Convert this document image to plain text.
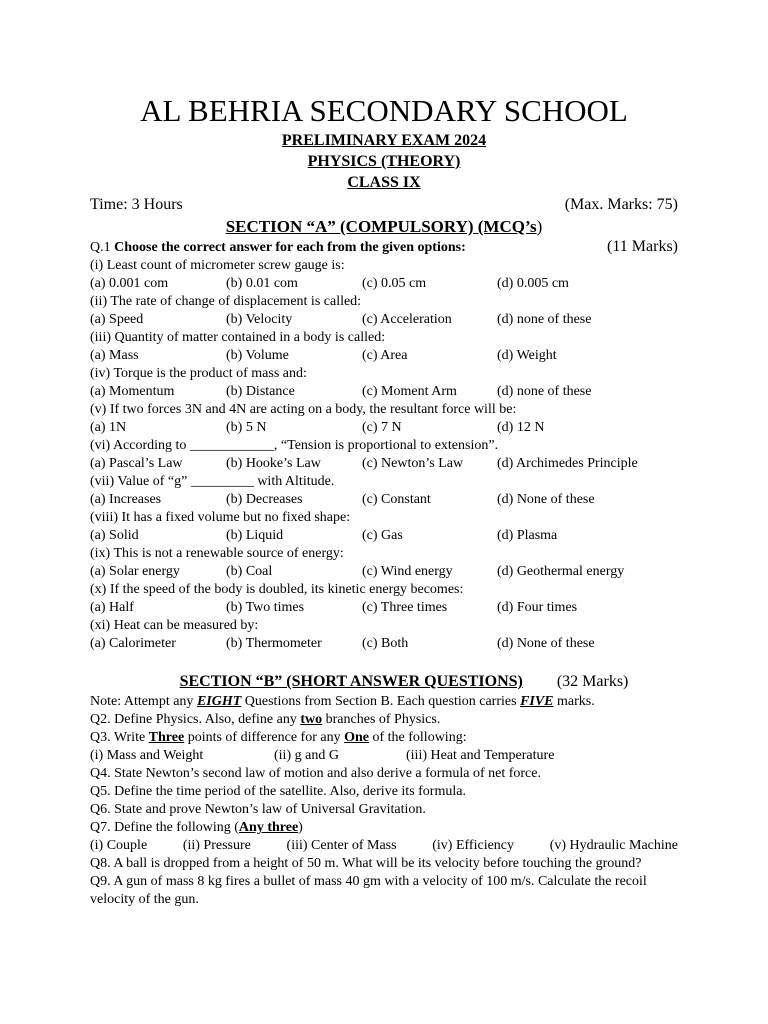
AL BEHRIA SECONDARY SCHOOL

PRELIMINARY EXAM 2024

PHYSICS (THEORY)

CLASS IX

Time: 3 Hours	(Max. Marks: 75)
SECTION “A” (COMPULSORY) (MCQ’s)
Q.1 Choose the correct answer for each from the given options:	(11 Marks)
(i) Least count of micrometer screw gauge is:
(a) 0.001 com	(b) 0.01 com	(c) 0.05 cm	(d) 0.005 cm
(ii) The rate of change of displacement is called:
(a) Speed	(b) Velocity	(c) Acceleration	(d) none of these
(iii) Quantity of matter contained in a body is called:
(a) Mass	(b) Volume	(c) Area	(d) Weight
(iv) Torque is the product of mass and:
(a) Momentum	(b) Distance	(c) Moment Arm	(d) none of these
(v) If two forces 3N and 4N are acting on a body, the resultant force will be:
(a) 1N	(b) 5 N	(c) 7 N	(d) 12 N
(vi) According to ____________, “Tension is proportional to extension”.
(a) Pascal’s Law	(b) Hooke’s Law	(c) Newton’s Law	(d) Archimedes Principle
(vii) Value of “g” _________ with Altitude.
(a) Increases	(b) Decreases	(c) Constant	(d) None of these
(viii) It has a fixed volume but no fixed shape:
(a) Solid	(b) Liquid	(c) Gas	(d) Plasma
(ix) This is not a renewable source of energy:
(a) Solar energy	(b) Coal	(c) Wind energy	(d) Geothermal energy
(x) If the speed of the body is doubled, its kinetic energy becomes:
(a) Half	(b) Two times	(c) Three times	(d) Four times
(xi) Heat can be measured by:
(a) Calorimeter	(b) Thermometer	(c) Both	(d) None of these
SECTION “B” (SHORT ANSWER QUESTIONS) (32 Marks)
Note: Attempt any EIGHT Questions from Section B. Each question carries FIVE marks.
Q2. Define Physics. Also, define any two branches of Physics.
Q3. Write Three points of difference for any One of the following:
(i) Mass and Weight	(ii) g and G	(iii) Heat and Temperature
Q4. State Newton’s second law of motion and also derive a formula of net force.
Q5. Define the time period of the satellite. Also, derive its formula.
Q6. State and prove Newton’s law of Universal Gravitation.
Q7. Define the following (Any three)
(i) Couple	(ii) Pressure	(iii) Center of Mass	(iv) Efficiency	(v) Hydraulic Machine
Q8. A ball is dropped from a height of 50 m. What will be its velocity before touching the ground?
Q9. A gun of mass 8 kg fires a bullet of mass 40 gm with a velocity of 100 m/s. Calculate the recoil velocity of the gun.
